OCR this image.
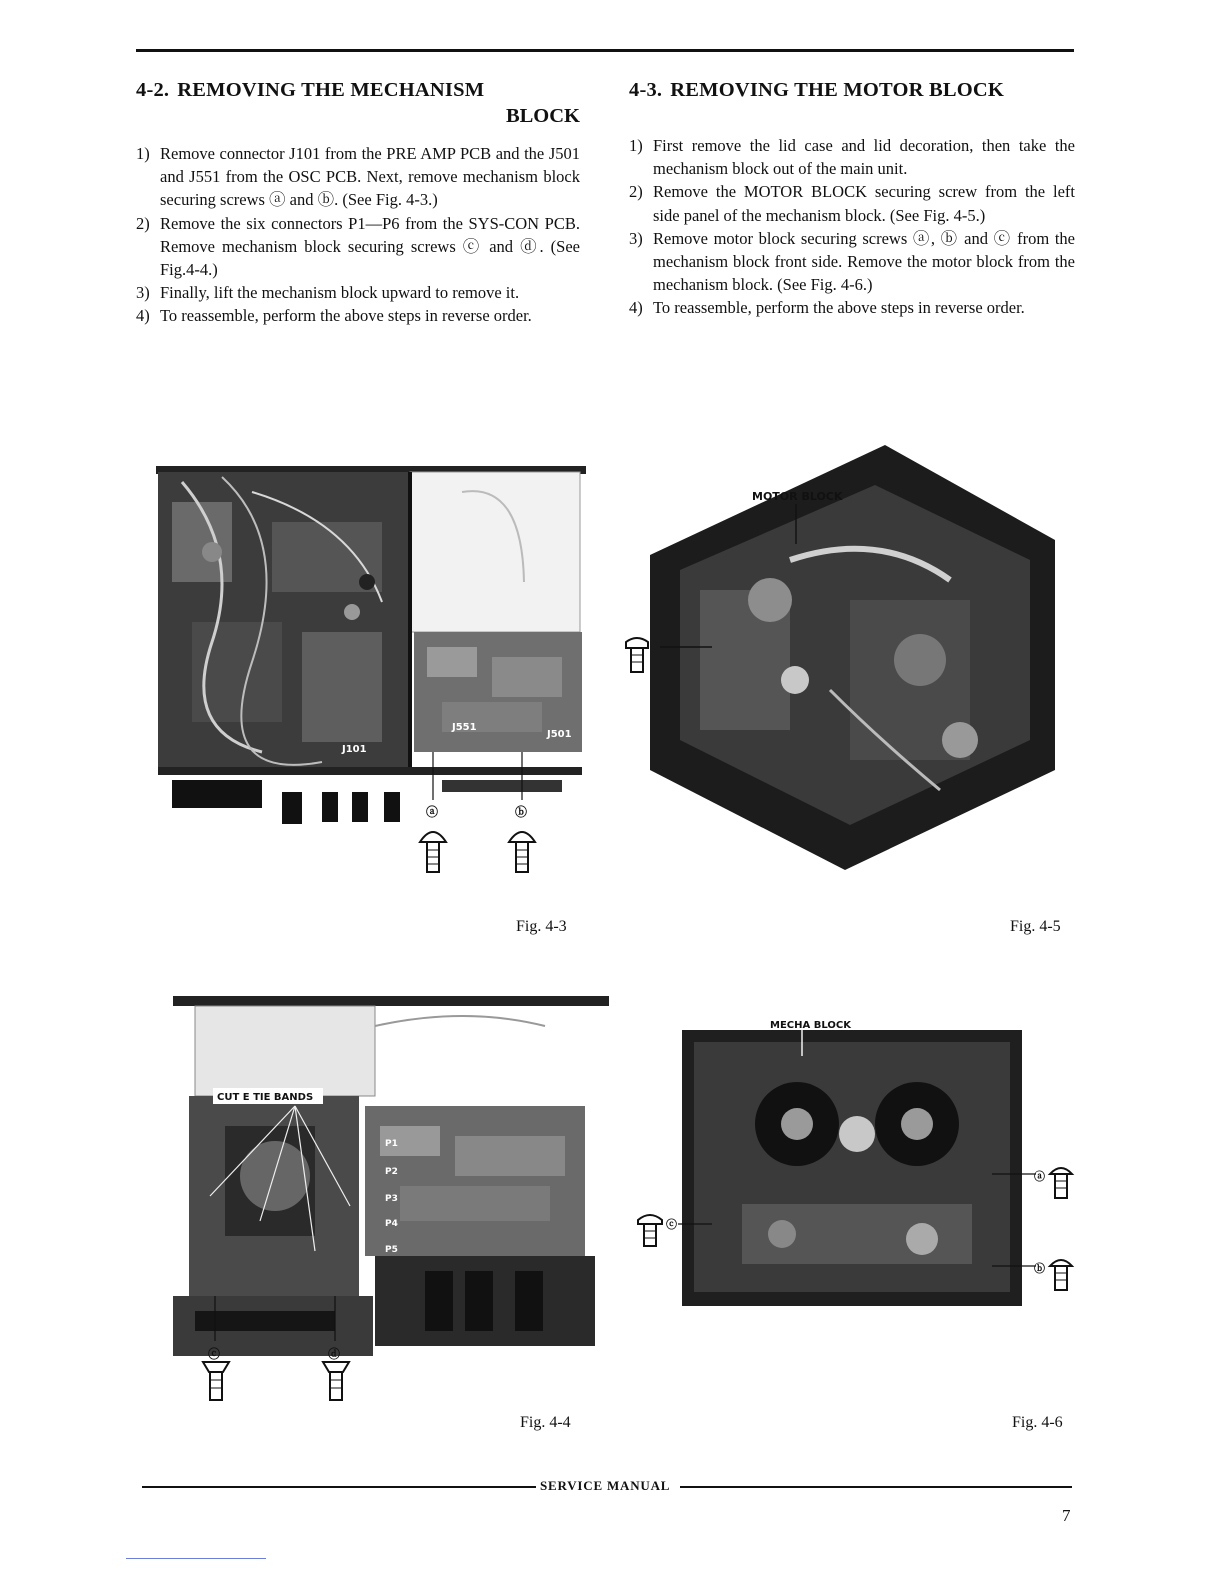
4-2. REMOVING THE MECHANISM
BLOCK
1) Remove connector J101 from the PRE AMP PCB and the J501 and J551 from the OSC PCB. Next, remove mechanism block securing screws ⓐ and ⓑ. (See Fig. 4-3.)
2) Remove the six connectors P1—P6 from the SYS-CON PCB. Remove mechanism block securing screws ⓒ and ⓓ. (See Fig.4-4.)
3) Finally, lift the mechanism block upward to remove it.
4) To reassemble, perform the above steps in reverse order.
4-3. REMOVING THE MOTOR BLOCK
1) First remove the lid case and lid decoration, then take the mechanism block out of the main unit.
2) Remove the MOTOR BLOCK securing screw from the left side panel of the mechanism block. (See Fig. 4-5.)
3) Remove motor block securing screws ⓐ, ⓑ and ⓒ from the mechanism block front side. Remove the motor block from the mechanism block. (See Fig. 4-6.)
4) To reassemble, perform the above steps in reverse order.
J551
J501
J101
ⓐ	ⓑ
Fig. 4-3
MOTOR BLOCK
Fig. 4-5
CUT E TIE BANDS
P1
P2
P3
P4
P5
ⓒ	ⓓ
Fig. 4-4
MECHA BLOCK
ⓐ
ⓑ
ⓒ
Fig. 4-6
SERVICE MANUAL
7
